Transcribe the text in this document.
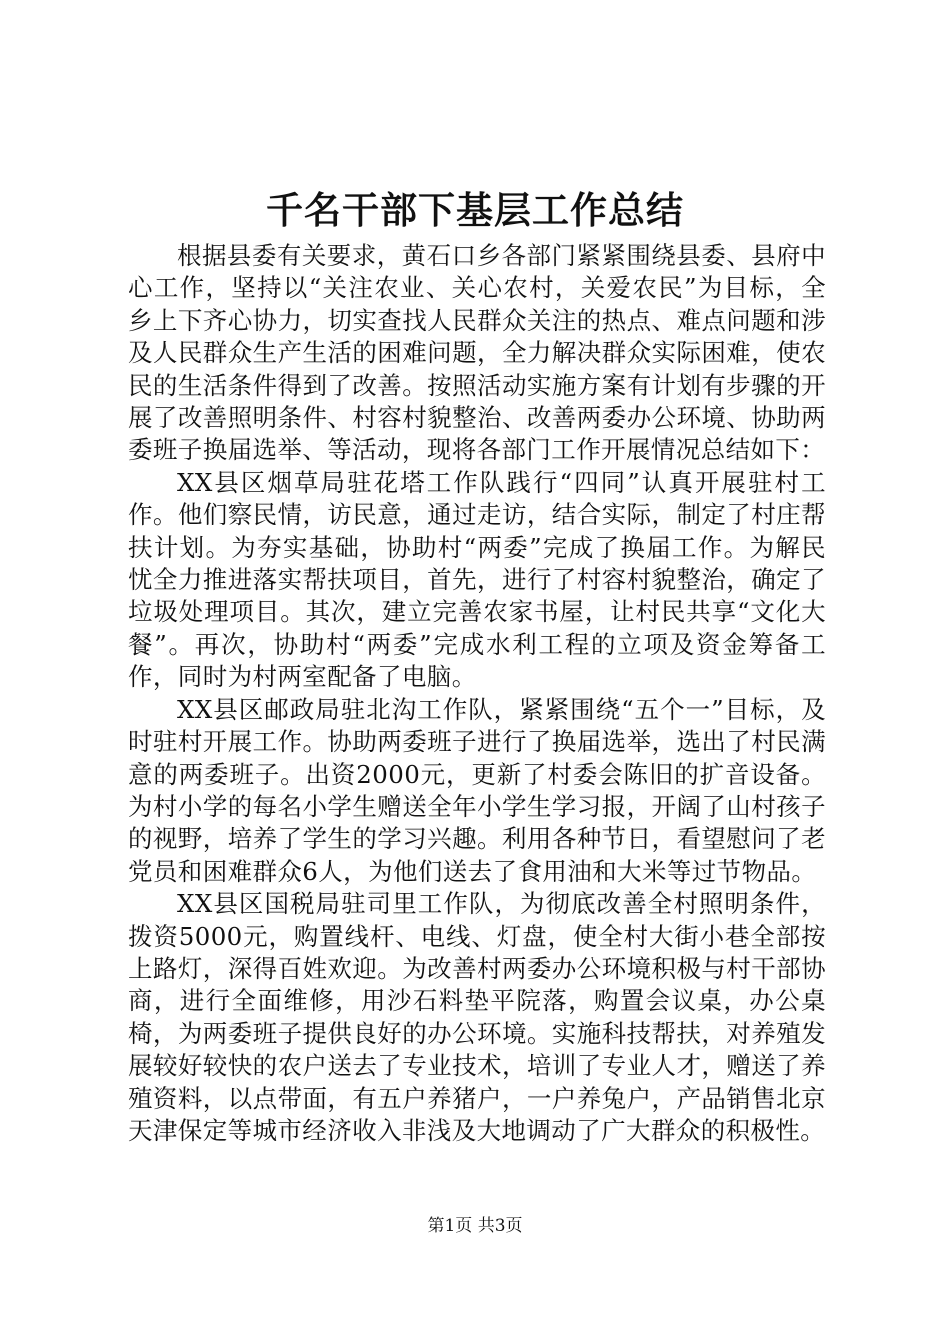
千名干部下基层工作总结

根据县委有关要求，黄石口乡各部门紧紧围绕县委、县府中心工作，坚持以“关注农业、关心农村，关爱农民”为目标，全乡上下齐心协力，切实查找人民群众关注的热点、难点问题和涉及人民群众生产生活的困难问题，全力解决群众实际困难，使农民的生活条件得到了改善。按照活动实施方案有计划有步骤的开展了改善照明条件、村容村貌整治、改善两委办公环境、协助两委班子换届选举、等活动，现将各部门工作开展情况总结如下：

XX县区烟草局驻花塔工作队践行“四同”认真开展驻村工作。他们察民情，访民意，通过走访，结合实际，制定了村庄帮扶计划。为夯实基础，协助村“两委”完成了换届工作。为解民忧全力推进落实帮扶项目，首先，进行了村容村貌整治，确定了垃圾处理项目。其次，建立完善农家书屋，让村民共享“文化大餐”。再次，协助村“两委”完成水利工程的立项及资金筹备工作，同时为村两室配备了电脑。

XX县区邮政局驻北沟工作队，紧紧围绕“五个一”目标，及时驻村开展工作。协助两委班子进行了换届选举，选出了村民满意的两委班子。出资2000元，更新了村委会陈旧的扩音设备。为村小学的每名小学生赠送全年小学生学习报，开阔了山村孩子的视野，培养了学生的学习兴趣。利用各种节日，看望慰问了老党员和困难群众6人，为他们送去了食用油和大米等过节物品。

XX县区国税局驻司里工作队，为彻底改善全村照明条件，拨资5000元，购置线杆、电线、灯盘，使全村大街小巷全部按上路灯，深得百姓欢迎。为改善村两委办公环境积极与村干部协商，进行全面维修，用沙石料垫平院落，购置会议桌，办公桌椅，为两委班子提供良好的办公环境。实施科技帮扶，对养殖发展较好较快的农户送去了专业技术，培训了专业人才，赠送了养殖资料，以点带面，有五户养猪户，一户养兔户，产品销售北京天津保定等城市经济收入非浅及大地调动了广大群众的积极性。

第1页 共3页
